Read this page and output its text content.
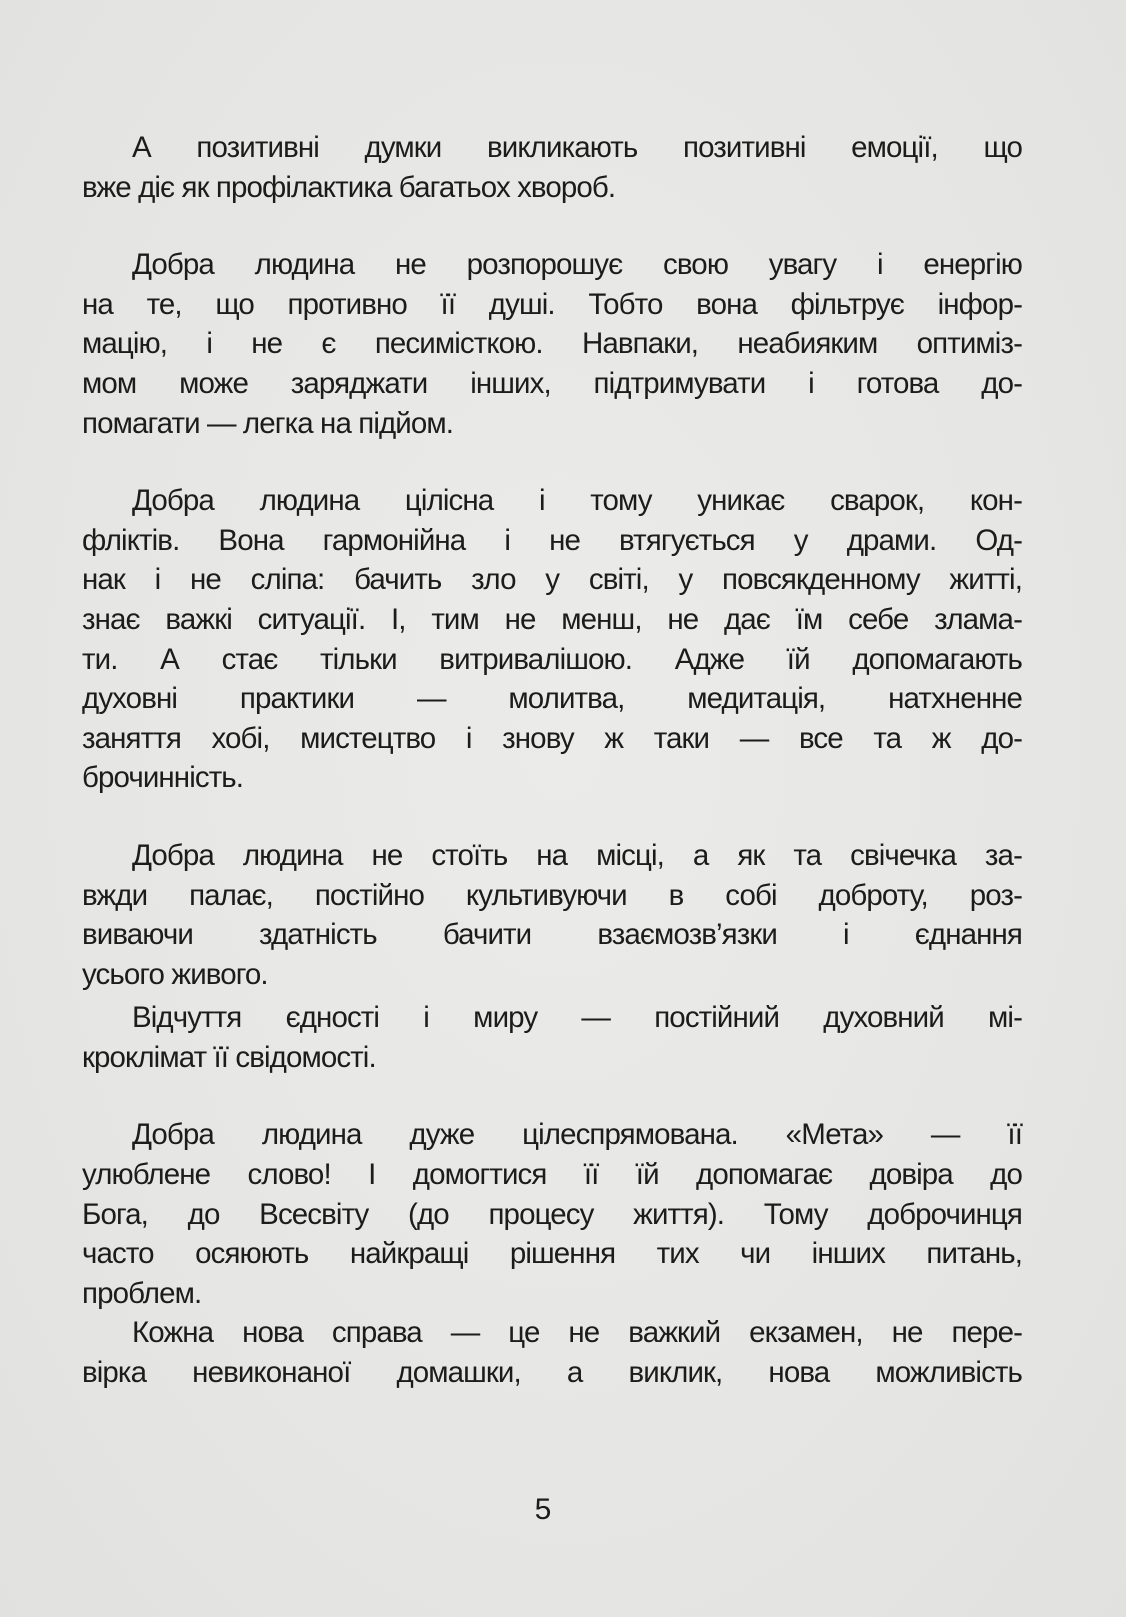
А позитивні думки викликають позитивні емоції, що
вже діє як профілактика багатьох хвороб.

Добра людина не розпорошує свою увагу і енергію
на те, що противно її душі. Тобто вона фільтрує інфор-
мацію, і не є песимісткою. Навпаки, неабияким оптиміз-
мом може заряджати інших, підтримувати і готова до-
помагати — легка на підйом.

Добра людина цілісна і тому уникає сварок, кон-
фліктів. Вона гармонійна і не втягується у драми. Од-
нак і не сліпа: бачить зло у світі, у повсякденному житті,
знає важкі ситуації. І, тим не менш, не дає їм себе злама-
ти. А стає тільки витривалішою. Адже їй допомагають
духовні практики — молитва, медитація, натхненне
заняття хобі, мистецтво і знову ж таки — все та ж до-
брочинність.

Добра людина не стоїть на місці, а як та свічечка за-
вжди палає, постійно культивуючи в собі доброту, роз-
виваючи здатність бачити взаємозв’язки і єднання
усього живого.

Відчуття єдності і миру — постійний духовний мі-
кроклімат її свідомості.

Добра людина дуже цілеспрямована. «Мета» — її
улюблене слово! І домогтися її їй допомагає довіра до
Бога, до Всесвіту (до процесу життя). Тому доброчинця
часто осяюють найкращі рішення тих чи інших питань,
проблем.

Кожна нова справа — це не важкий екзамен, не пере-
вірка невиконаної домашки, а виклик, нова можливість

5
